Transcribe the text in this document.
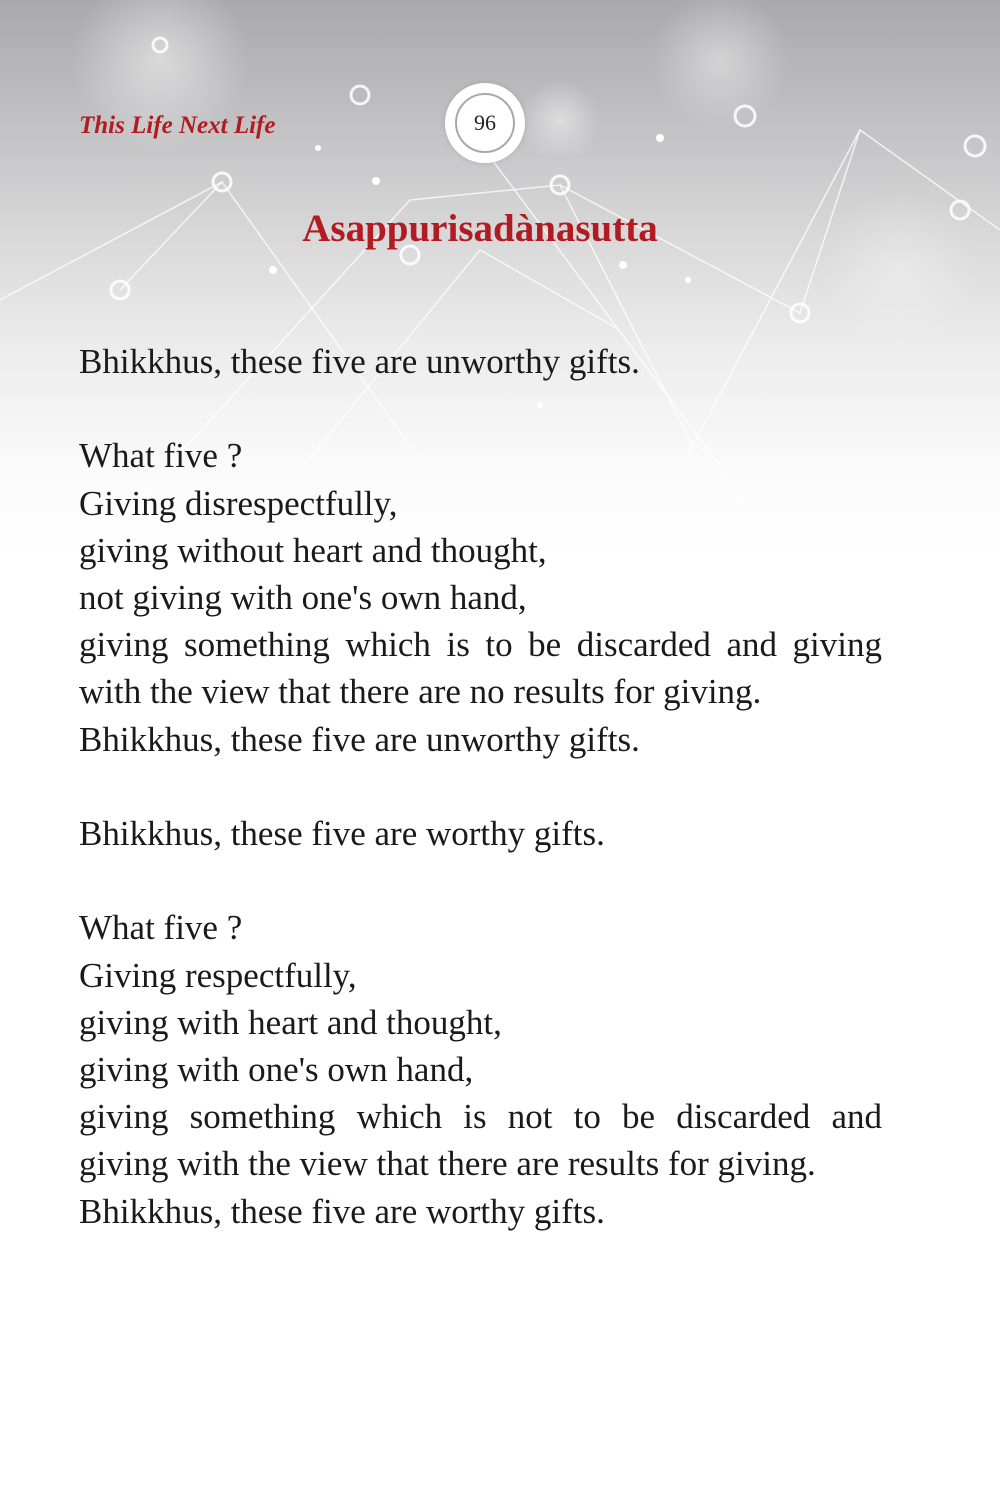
This Life Next Life	96
Asappurisadànasutta
Bhikkhus, these five are unworthy gifts.
What five ?
Giving disrespectfully,
giving without heart and thought,
not giving with one's own hand,
giving something which is to be discarded and giving
with the view that there are no results for giving.
Bhikkhus, these five are unworthy gifts.
Bhikkhus, these five are worthy gifts.
What five ?
Giving respectfully,
giving with heart and thought,
giving with one's own hand,
giving something which is not to be discarded and
giving with the view that there are results for giving.
Bhikkhus, these five are worthy gifts.
